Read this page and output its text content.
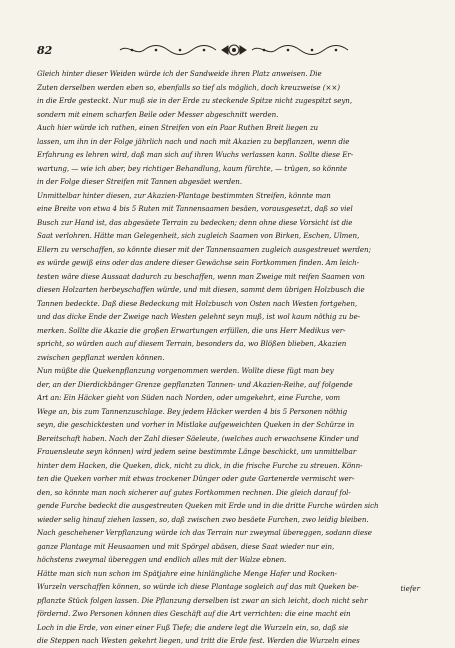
82

Gleich hinter dieser Weiden würde ich der Sandweide ihren Platz anweisen. Die
Zuten derselben werden eben so, ebenfalls so tief als möglich, doch kreuzweise (××)
in die Erde gesteckt. Nur muß sie in der Erde zu steckende Spitze nicht zugespitzt seyn,
sondern mit einem scharfen Beile oder Messer abgeschnitt werden.

Auch hier würde ich rathen, einen Streifen von ein Paar Ruthen Breit liegen zu
lassen, um ihn in der Folge jährlich nach und nach mit Akazien zu bepflanzen, wenn die
Erfahrung es lehren wird, daß man sich auf ihren Wuchs verlassen kann. Sollte diese Er-
wartung, — wie ich aber, bey richtiger Behandlung, kaum fürchte, — trügen, so könnte
in der Folge dieser Streifen mit Tannen abgesäet werden.

Unmittelbar hinter diesen, zur Akazien-Plantage bestimmten Streifen, könnte man
eine Breite von etwa 4 bis 5 Ruten mit Tannensaamen besäen, vorausgesetzt, daß so viel
Busch zur Hand ist, das abgesäete Terrain zu bedecken; denn ohne diese Vorsicht ist die
Saat verlohren. Hätte man Gelegenheit, sich zugleich Saamen von Birken, Eschen, Ulmen,
Ellern zu verschaffen, so könnte dieser mit der Tannensaamen zugleich ausgestreuet werden;
es würde gewiß eins oder das andere dieser Gewächse sein Fortkommen finden. Am leich-
testen wäre diese Aussaat dadurch zu beschaffen, wenn man Zweige mit reifen Saamen von
diesen Holzarten herbeyschaffen würde, und mit diesen, sammt dem übrigen Holzbusch die
Tannen bedeckte. Daß diese Bedeckung mit Holzbusch von Osten nach Westen fortgehen,
und das dicke Ende der Zweige nach Westen gelehnt seyn muß, ist wol kaum nöthig zu be-
merken. Sollte die Akazie die großen Erwartungen erfüllen, die uns Herr Medikus ver-
spricht, so würden auch auf diesem Terrain, besonders da, wo Blößen blieben, Akazien
zwischen gepflanzt werden können.

Nun müßte die Quekenpflanzung vorgenommen werden. Wollte diese fügt man bey
der, an der Dierdickbänger Grenze gepflanzten Tannen- und Akazien-Reihe, auf folgende
Art an: Ein Häcker gieht von Süden nach Norden, oder umgekehrt, eine Furche, vom
Wege an, bis zum Tannenzuschlage. Bey jedem Häcker werden 4 bis 5 Personen nöthig
seyn, die geschicktesten und vorher in Mistlake aufgeweichten Queken in der Schürze in
Bereitschaft haben. Nach der Zahl dieser Säeleute, (welches auch erwachsene Kinder und
Frauensleute seyn können) wird jedem seine bestimmte Länge beschickt, um unmittelbar
hinter dem Hacken, die Queken, dick, nicht zu dick, in die frische Furche zu streuen. Könn-
ten die Queken vorher mit etwas trockener Dünger oder gute Gartenerde vermischt wer-
den, so könnte man noch sicherer auf gutes Fortkommen rechnen. Die gleich darauf fol-
gende Furche bedeckt die ausgestreuten Queken mit Erde und in die dritte Furche würden sich
wieder selig hinauf ziehen lassen, so, daß zwischen zwo besäete Furchen, zwo leidig bleiben.
Nach geschehener Verpflanzung würde ich das Terrain nur zweymal übereggen, sodann diese
ganze Plantage mit Heusaamen und mit Spörgel abäsen, diese Saat wieder nur ein,
höchstens zweymal übereggen und endlich alles mit der Walze ebnen.

Hätte man sich nun schon im Spätjahre eine hinlängliche Menge Hafer und Rocken-
Wurzeln verschaffen können, so würde ich diese Plantage sogleich auf das mit Queken be-
pflanzte Stück folgen lassen. Die Pflanzung derselben ist zwar an sich leicht, doch nicht sehr
fördernd. Zwo Personen können dies Geschäft auf die Art verrichten: die eine macht ein
Loch in die Erde, von einer einer Fuß Tiefe; die andere legt die Wurzeln ein, so, daß sie
die Steppen nach Westen gekehrt liegen, und tritt die Erde fest. Werden die Wurzeln eines

tiefer
